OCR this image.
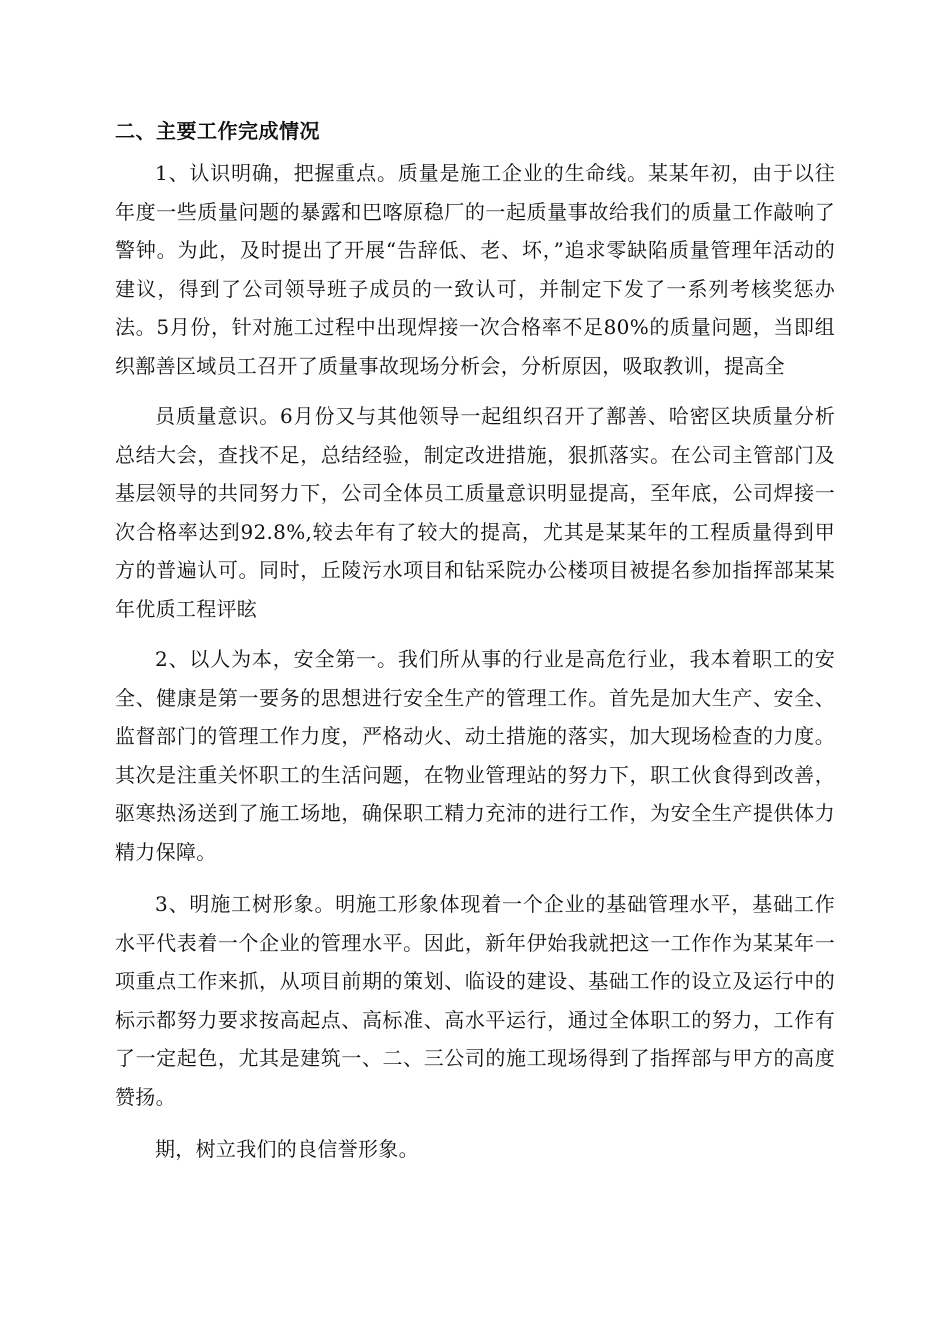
二、主要工作完成情况

1、认识明确，把握重点。质量是施工企业的生命线。某某年初，由于以往年度一些质量问题的暴露和巴喀原稳厂的一起质量事故给我们的质量工作敲响了警钟。为此，及时提出了开展“告辞低、老、坏，”追求零缺陷质量管理年活动的建议，得到了公司领导班子成员的一致认可，并制定下发了一系列考核奖惩办法。5月份，针对施工过程中出现焊接一次合格率不足80%的质量问题，当即组织鄯善区域员工召开了质量事故现场分析会，分析原因，吸取教训，提高全

员质量意识。6月份又与其他领导一起组织召开了鄯善、哈密区块质量分析总结大会，查找不足，总结经验，制定改进措施，狠抓落实。在公司主管部门及基层领导的共同努力下，公司全体员工质量意识明显提高，至年底，公司焊接一次合格率达到92.8%,较去年有了较大的提高，尤其是某某年的工程质量得到甲方的普遍认可。同时，丘陵污水项目和钻采院办公楼项目被提名参加指挥部某某年优质工程评眩

2、以人为本，安全第一。我们所从事的行业是高危行业，我本着职工的安全、健康是第一要务的思想进行安全生产的管理工作。首先是加大生产、安全、监督部门的管理工作力度，严格动火、动土措施的落实，加大现场检查的力度。其次是注重关怀职工的生活问题，在物业管理站的努力下，职工伙食得到改善，驱寒热汤送到了施工场地，确保职工精力充沛的进行工作，为安全生产提供体力精力保障。

3、明施工树形象。明施工形象体现着一个企业的基础管理水平，基础工作水平代表着一个企业的管理水平。因此，新年伊始我就把这一工作作为某某年一项重点工作来抓，从项目前期的策划、临设的建设、基础工作的设立及运行中的标示都努力要求按高起点、高标准、高水平运行，通过全体职工的努力，工作有了一定起色，尤其是建筑一、二、三公司的施工现场得到了指挥部与甲方的高度赞扬。

期，树立我们的良信誉形象。
